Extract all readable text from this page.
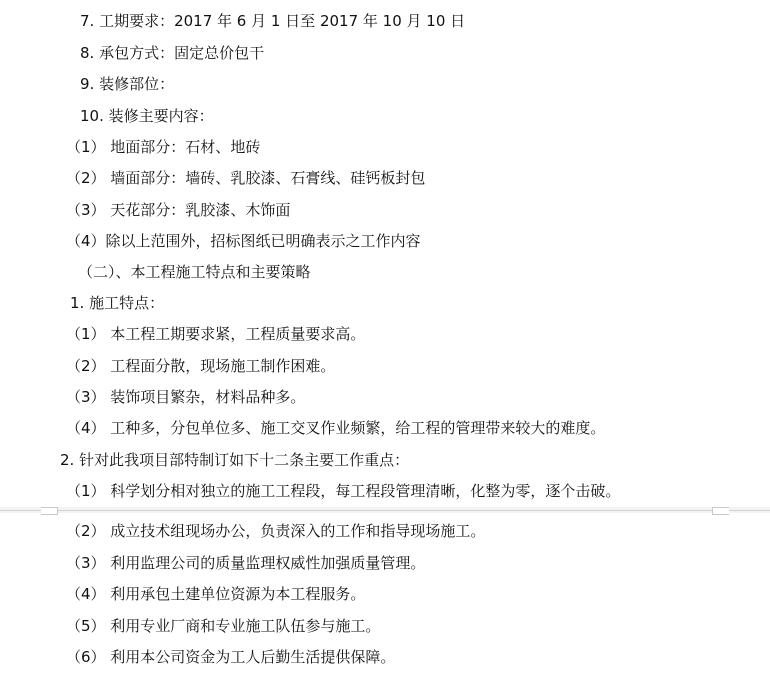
7. 工期要求：2017 年 6 月 1 日至 2017 年 10 月 10 日
8. 承包方式：固定总价包干
9. 装修部位：
10. 装修主要内容：
（1） 地面部分：石材、地砖
（2） 墙面部分：墙砖、乳胶漆、石膏线、硅钙板封包
（3） 天花部分：乳胶漆、木饰面
（4）除以上范围外，招标图纸已明确表示之工作内容
（二）、本工程施工特点和主要策略
1. 施工特点：
（1） 本工程工期要求紧，工程质量要求高。
（2） 工程面分散，现场施工制作困难。
（3） 装饰项目繁杂，材料品种多。
（4） 工种多，分包单位多、施工交叉作业频繁，给工程的管理带来较大的难度。
2. 针对此我项目部特制订如下十二条主要工作重点：
（1） 科学划分相对独立的施工工程段，每工程段管理清晰，化整为零，逐个击破。
（2） 成立技术组现场办公，负责深入的工作和指导现场施工。
（3） 利用监理公司的质量监理权威性加强质量管理。
（4） 利用承包土建单位资源为本工程服务。
（5） 利用专业厂商和专业施工队伍参与施工。
（6） 利用本公司资金为工人后勤生活提供保障。
